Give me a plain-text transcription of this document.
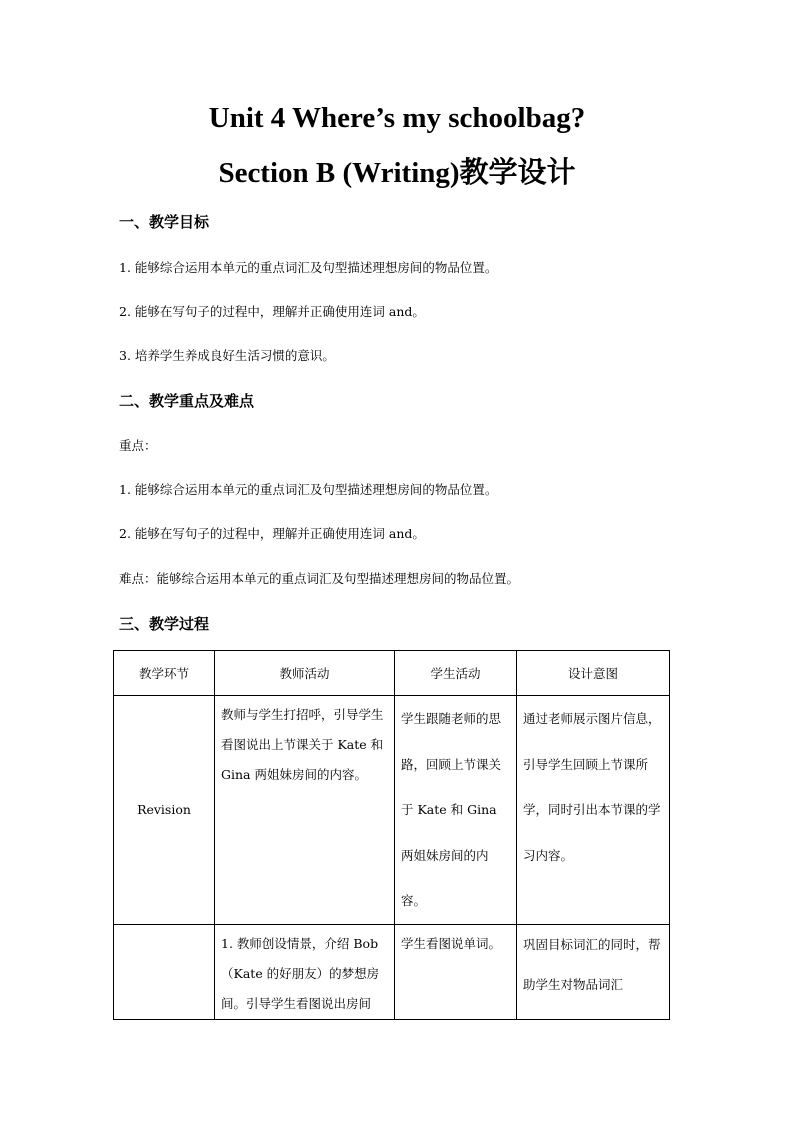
Unit 4 Where’s my schoolbag?
Section B (Writing)教学设计
一、教学目标
1. 能够综合运用本单元的重点词汇及句型描述理想房间的物品位置。
2. 能够在写句子的过程中，理解并正确使用连词 and。
3. 培养学生养成良好生活习惯的意识。
二、教学重点及难点
重点：
1. 能够综合运用本单元的重点词汇及句型描述理想房间的物品位置。
2. 能够在写句子的过程中，理解并正确使用连词 and。
难点：能够综合运用本单元的重点词汇及句型描述理想房间的物品位置。
三、教学过程
教学环节	教师活动	学生活动	设计意图
Revision	教师与学生打招呼，引导学生看图说出上节课关于 Kate 和 Gina 两姐妹房间的内容。	学生跟随老师的思路，回顾上节课关于 Kate 和 Gina 两姐妹房间的内容。	通过老师展示图片信息，引导学生回顾上节课所学，同时引出本节课的学习内容。

	1. 教师创设情景，介绍 Bob（Kate 的好朋友）的梦想房间。引导学生看图说出房间	学生看图说单词。	巩固目标词汇的同时，帮助学生对物品词汇
